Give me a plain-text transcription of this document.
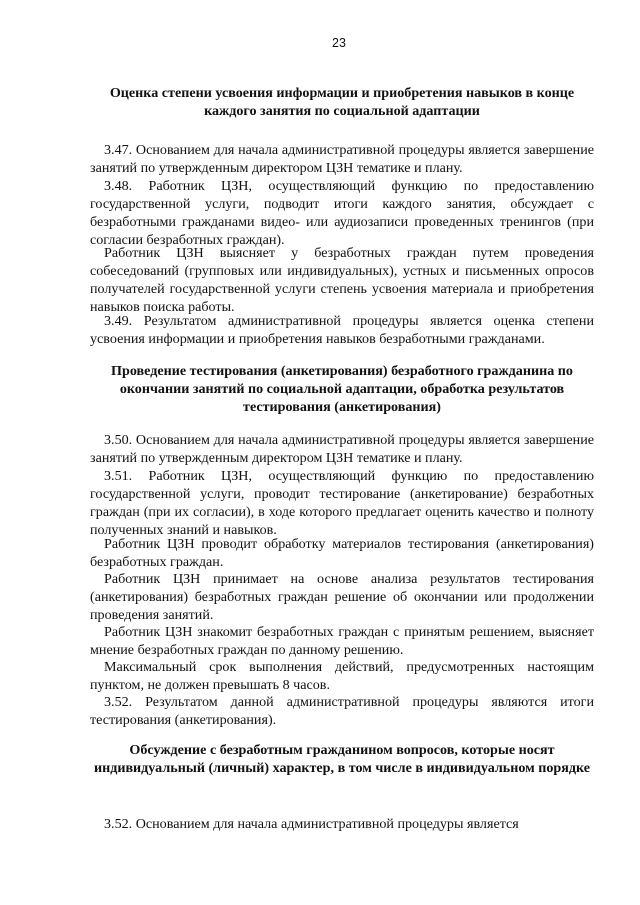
23
Оценка степени усвоения информации и приобретения навыков в конце каждого занятия по социальной адаптации

3.47. Основанием для начала административной процедуры является завершение занятий по утвержденным директором ЦЗН тематике и плану.

3.48. Работник ЦЗН, осуществляющий функцию по предоставлению государственной услуги, подводит итоги каждого занятия, обсуждает с безработными гражданами видео- или аудиозаписи проведенных тренингов (при согласии безработных граждан).

Работник ЦЗН выясняет у безработных граждан путем проведения собеседований (групповых или индивидуальных), устных и письменных опросов получателей государственной услуги степень усвоения материала и приобретения навыков поиска работы.

3.49. Результатом административной процедуры является оценка степени усвоения информации и приобретения навыков безработными гражданами.

Проведение тестирования (анкетирования) безработного гражданина по окончании занятий по социальной адаптации, обработка результатов тестирования (анкетирования)

3.50. Основанием для начала административной процедуры является завершение занятий по утвержденным директором ЦЗН тематике и плану.

3.51. Работник ЦЗН, осуществляющий функцию по предоставлению государственной услуги, проводит тестирование (анкетирование) безработных граждан (при их согласии), в ходе которого предлагает оценить качество и полноту полученных знаний и навыков.

Работник ЦЗН проводит обработку материалов тестирования (анкетирования) безработных граждан.

Работник ЦЗН принимает на основе анализа результатов тестирования (анкетирования) безработных граждан решение об окончании или продолжении проведения занятий.

Работник ЦЗН знакомит безработных граждан с принятым решением, выясняет мнение безработных граждан по данному решению.

Максимальный срок выполнения действий, предусмотренных настоящим пунктом, не должен превышать 8 часов.

3.52. Результатом данной административной процедуры являются итоги тестирования (анкетирования).

Обсуждение с безработным гражданином вопросов, которые носят индивидуальный (личный) характер, в том числе в индивидуальном порядке

3.52. Основанием для начала административной процедуры является
